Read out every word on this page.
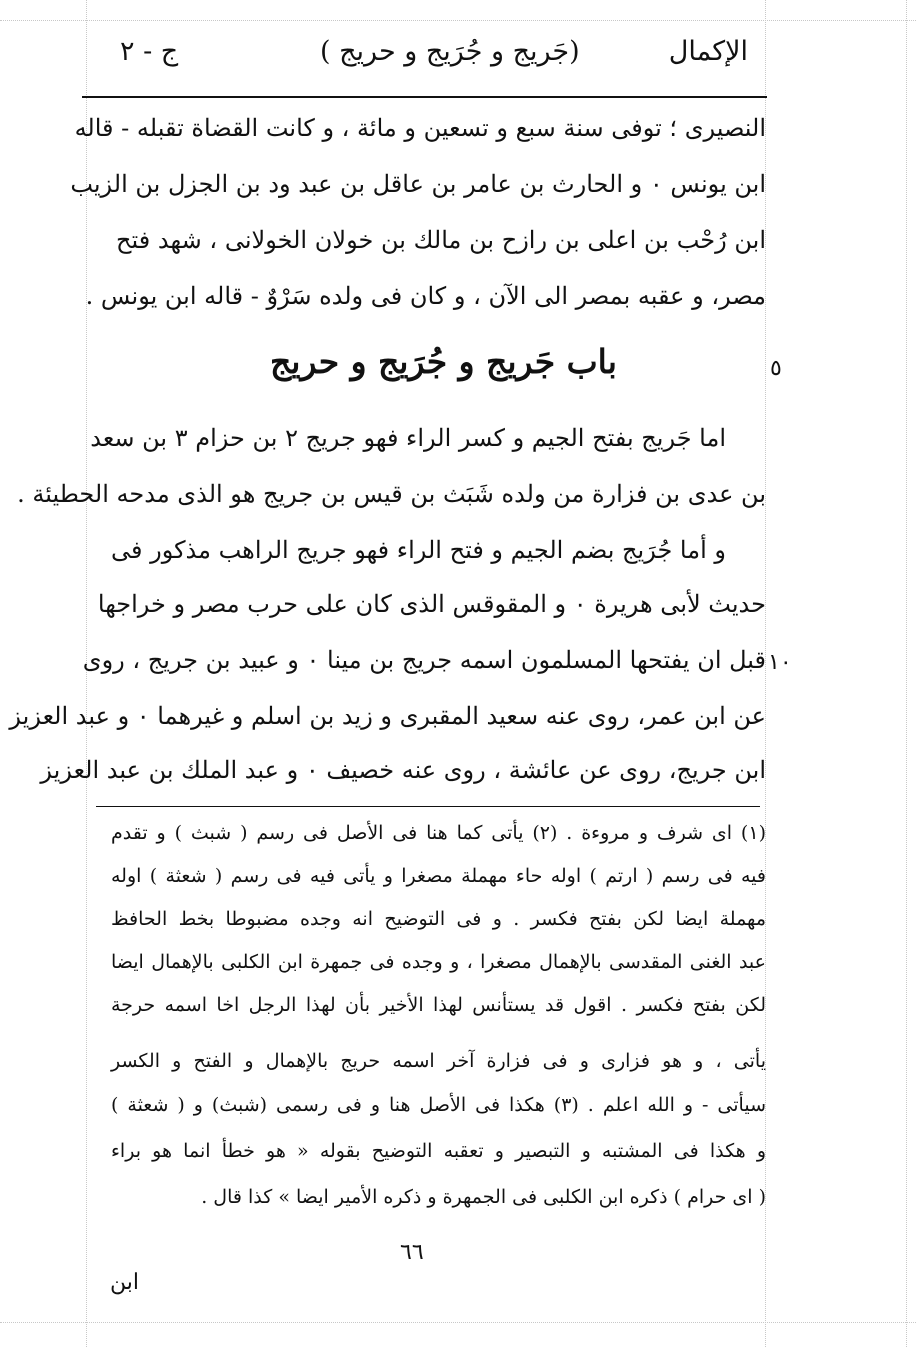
الإكمال
(جَريج و جُرَيج و حريج )
ج - ٢
النصيرى ؛ توفى سنة سبع و تسعين و مائة ، و كانت القضاة تقبله - قاله
ابن يونس ٠ و الحارث بن عامر بن عاقل بن عبد ود بن الجزل بن الزيب
ابن رُحْب بن اعلى بن رازح بن مالك بن خولان الخولانى ، شهد فتح
مصر، و عقبه بمصر الى الآن ، و كان فى ولده سَرْوٌ - قاله ابن يونس .
٥
باب جَريج و جُرَيج و حريج
اما جَريج بفتح الجيم و كسر الراء فهو جريج ٢ بن حزام ٣ بن سعد
بن عدى بن فزارة من ولده شَبَث بن قيس بن جريج هو الذى مدحه الحطيئة .
و أما جُرَيج بضم الجيم و فتح الراء فهو جريج الراهب مذكور فى
حديث لأبى هريرة ٠ و المقوقس الذى كان على حرب مصر و خراجها
١٠
قبل ان يفتحها المسلمون اسمه جريج بن مينا ٠ و عبيد بن جريج ، روى
عن ابن عمر، روى عنه سعيد المقبرى و زيد بن اسلم و غيرهما ٠ و عبد العزيز
ابن جريج، روى عن عائشة ، روى عنه خصيف ٠ و عبد الملك بن عبد العزيز
(١) اى شرف و مروءة . (٢) يأتى كما هنا فى الأصل فى رسم ( شبث ) و تقدم
فيه فى رسم ( ارتم ) اوله حاء مهملة مصغرا و يأتى فيه فى رسم ( شعثة ) اوله
مهملة ايضا لكن بفتح فكسر . و فى التوضيح انه وجده مضبوطا بخط الحافظ
عبد الغنى المقدسى بالإهمال مصغرا ، و وجده فى جمهرة ابن الكلبى بالإهمال ايضا
لكن بفتح فكسر . اقول قد يستأنس لهذا الأخير بأن لهذا الرجل اخا اسمه حرجة
يأتى ، و هو فزارى و فى فزارة آخر اسمه حريج بالإهمال و الفتح و الكسر
سيأتى - و الله اعلم . (٣) هكذا فى الأصل هنا و فى رسمى (شبث) و ( شعثة )
و هكذا فى المشتبه و التبصير و تعقبه التوضيح بقوله « هو خطأ انما هو براء
( اى حرام ) ذكره ابن الكلبى فى الجمهرة و ذكره الأمير ايضا » كذا قال .
٦٦
ابن
